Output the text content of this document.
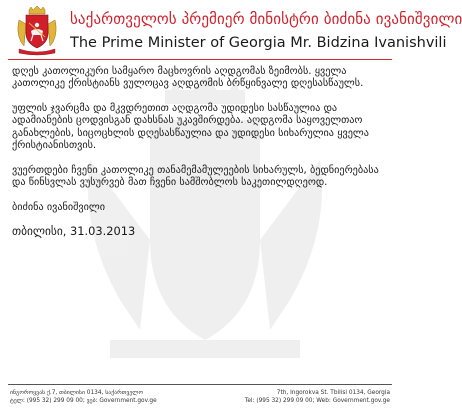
საქართველოს პრემიერ მინისტრი ბიძინა ივანიშვილი
The Prime Minister of Georgia Mr. Bidzina Ivanishvili

დღეს კათოლიკური სამყარო მაცხოვრის აღდგომას ზეიმობს. ყველა
კათოლიკე ქრისტიანს ვულოცავ აღდგომის ბრწყინვალე დღესასწაულს.

უფლის ჯვარცმა და მკვდრეთით აღდგომა უდიდესი სასწაულია და
ადამიანების ცოდვისგან დახსნას უკავშირდება. აღდგომა საყოველთაო
განახლების, სიცოცხლის დღესასწაულია და უდიდესი სიხარულია ყველა
ქრისტიანისთვის.

ვუერთდები ჩვენი კათოლიკე თანამემამულეების სიხარულს, ბედნიერებასა
და წინსვლას ვუსურვებ მათ ჩვენი სამშობლოს საკეთილდღეოდ.

ბიძინა ივანიშვილი
თბილისი, 31.03.2013
ინგოროყვას ქ.7, თბილისი 0134, საქართველო
ტელ: (995 32) 299 09 00; ვებ: Government.gov.ge
7th, Ingorokva St. Tbilisi 0134, Georgia
Tel: (995 32) 299 09 00; Web: Government.gov.ge
